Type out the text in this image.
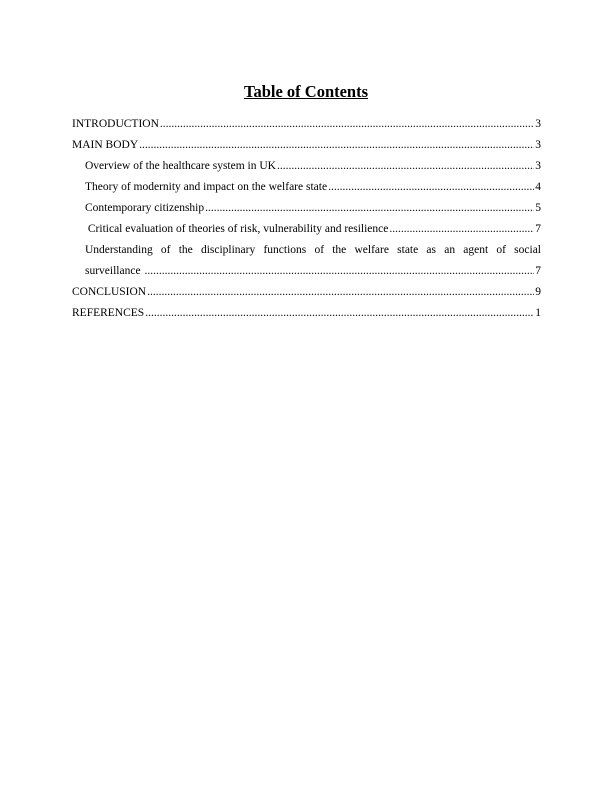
Table of Contents
INTRODUCTION .....	3
MAIN BODY .....	3
Overview of the healthcare system in UK .....	3
Theory of modernity and impact on the welfare state .....	4
Contemporary citizenship .....	5
Critical evaluation of theories of risk, vulnerability and resilience .....	7
Understanding of the disciplinary functions of the welfare state as an agent of social
surveillance .....	7
CONCLUSION .....	9
REFERENCES .....	1
